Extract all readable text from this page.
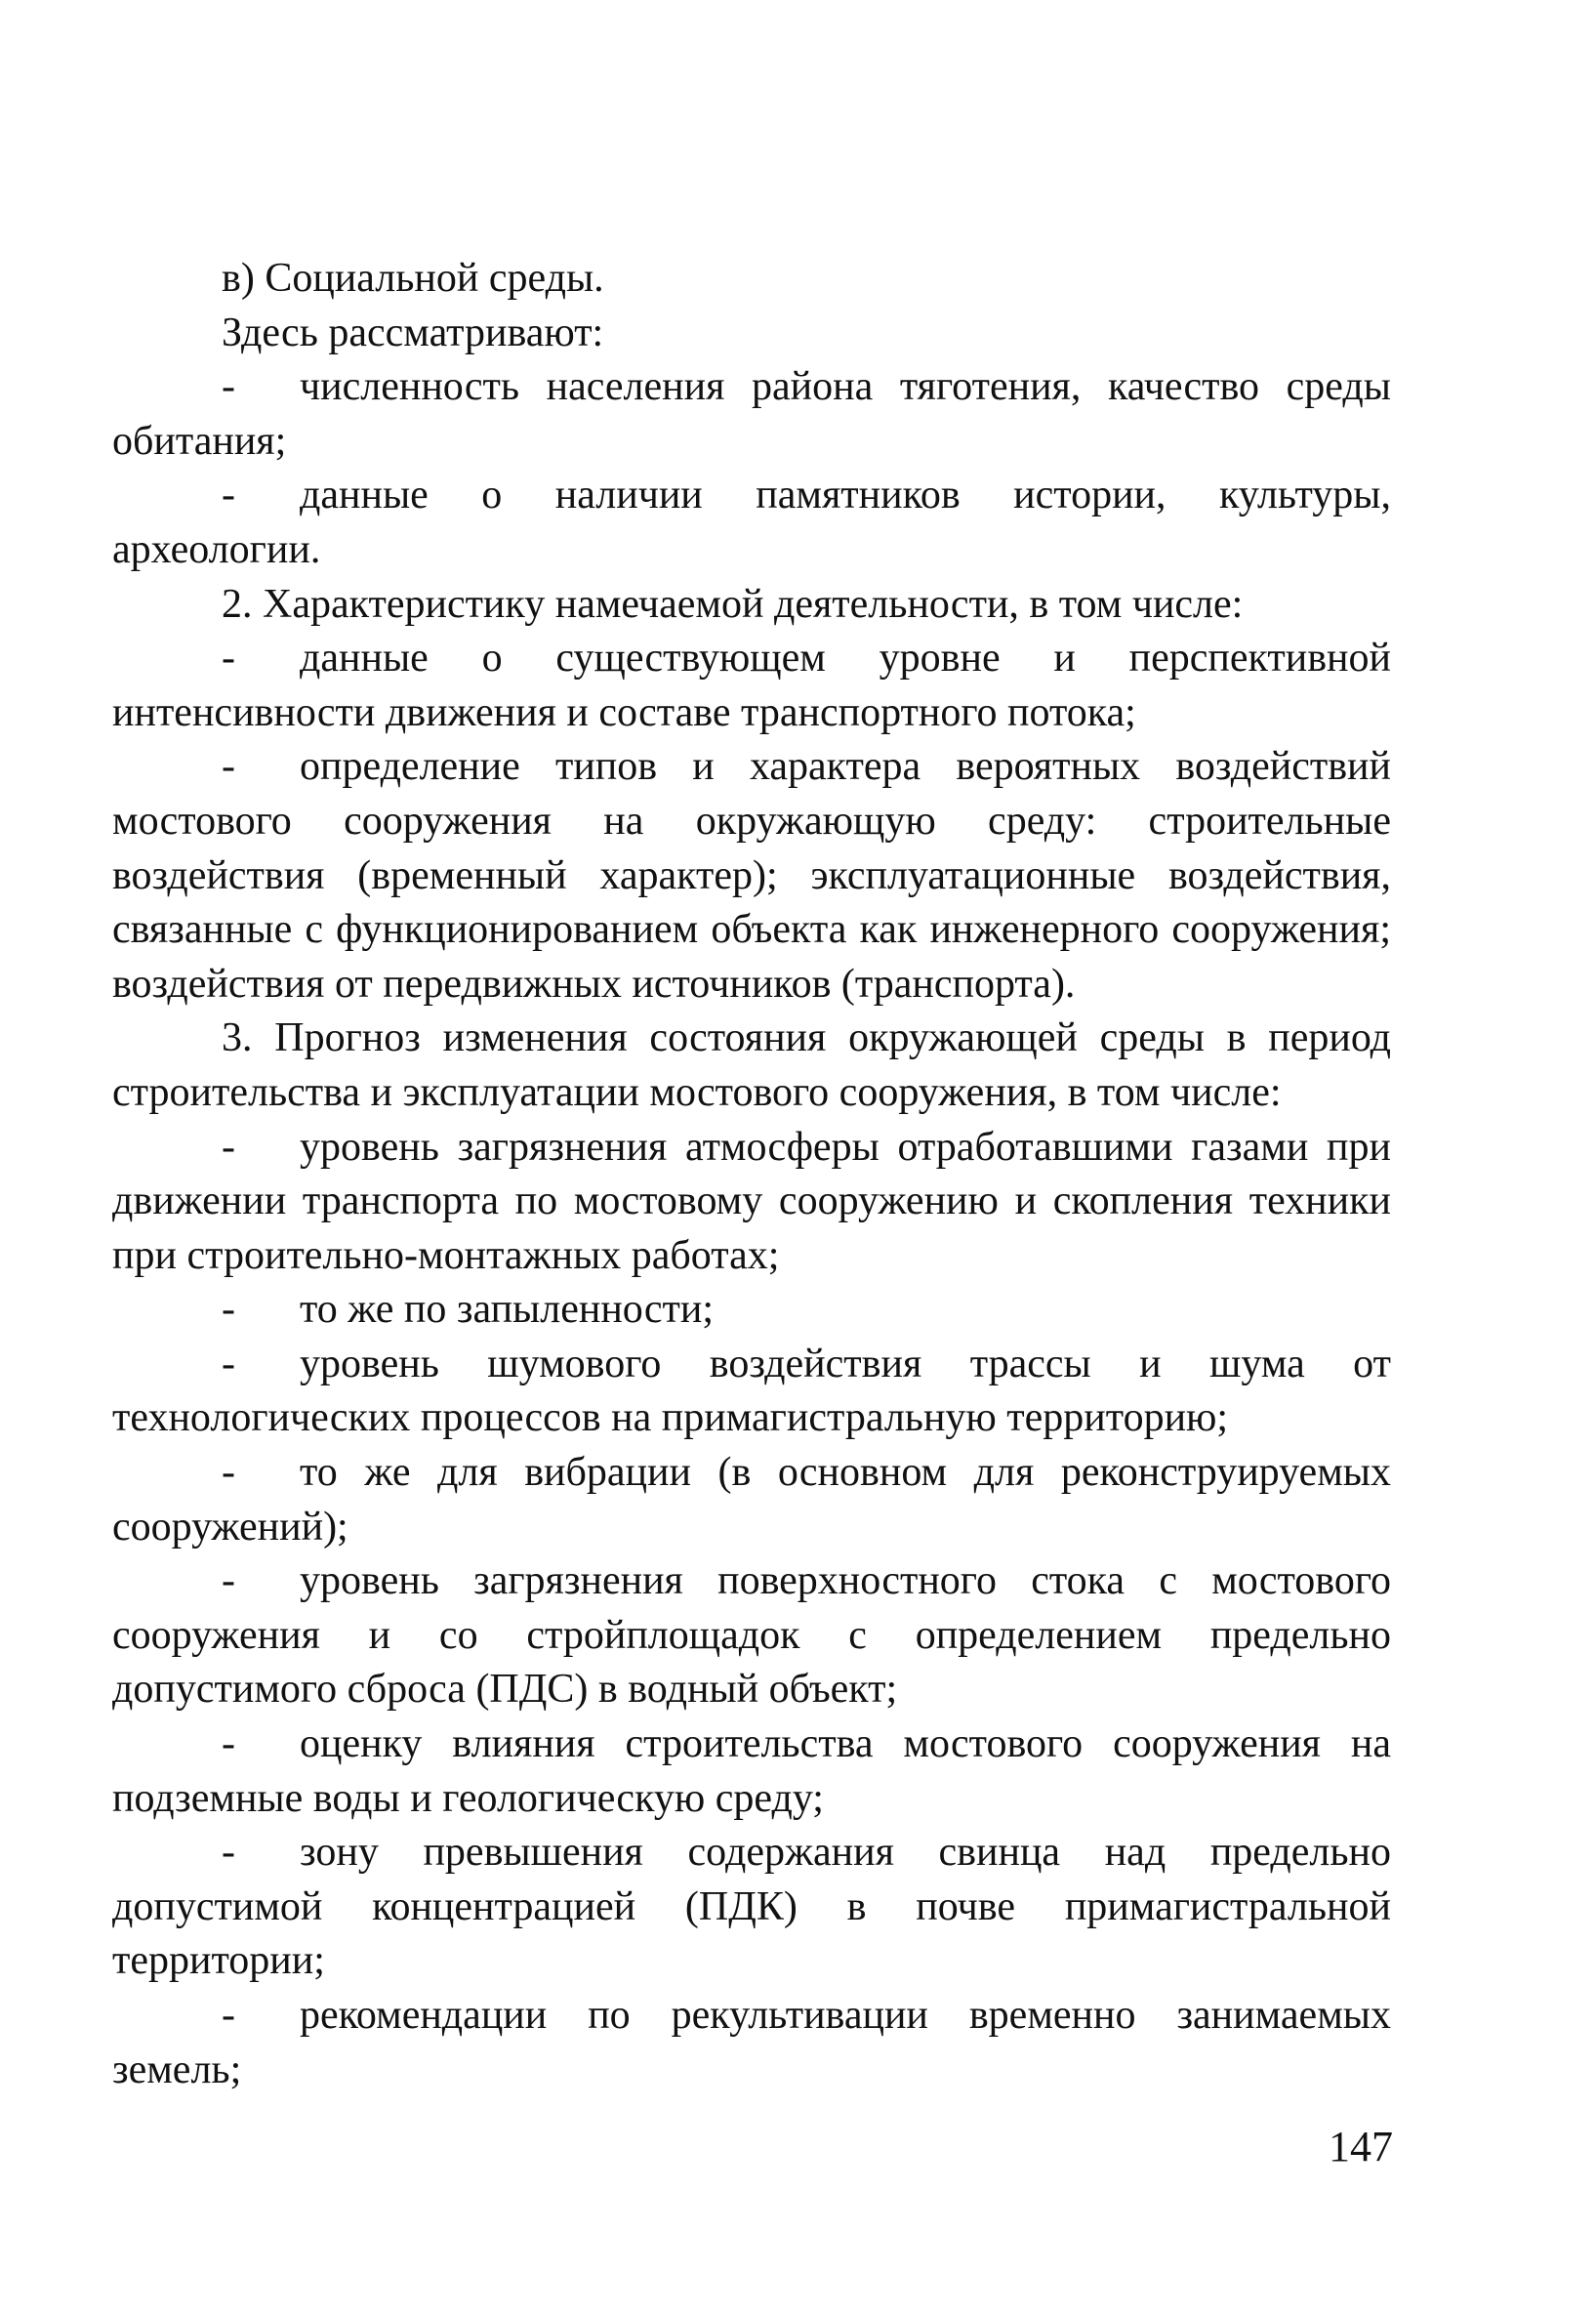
в) Социальной среды.

Здесь рассматривают:

- численность населения района тяготения, качество среды обитания;

- данные о наличии памятников истории, культуры, археологии.

2. Характеристику намечаемой деятельности, в том числе:

- данные о существующем уровне и перспективной интенсивности движения и составе транспортного потока;

- определение типов и характера вероятных воздействий мостового сооружения на окружающую среду: строительные воздействия (временный характер); эксплуатационные воздействия, связанные с функционированием объекта как инженерного сооружения; воздействия от передвижных источников (транспорта).

3. Прогноз изменения состояния окружающей среды в период строительства и эксплуатации мостового сооружения, в том числе:

- уровень загрязнения атмосферы отработавшими газами при движении транспорта по мостовому сооружению и скопления техники при строительно-монтажных работах;

- то же по запыленности;

- уровень шумового воздействия трассы и шума от технологических процессов на примагистральную территорию;

- то же для вибрации (в основном для реконструируемых сооружений);

- уровень загрязнения поверхностного стока с мостового сооружения и со стройплощадок с определением предельно допустимого сброса (ПДС) в водный объект;

- оценку влияния строительства мостового сооружения на подземные воды и геологическую среду;

- зону превышения содержания свинца над предельно допустимой концентрацией (ПДК) в почве примагистральной территории;

- рекомендации по рекультивации временно занимаемых земель;

147
